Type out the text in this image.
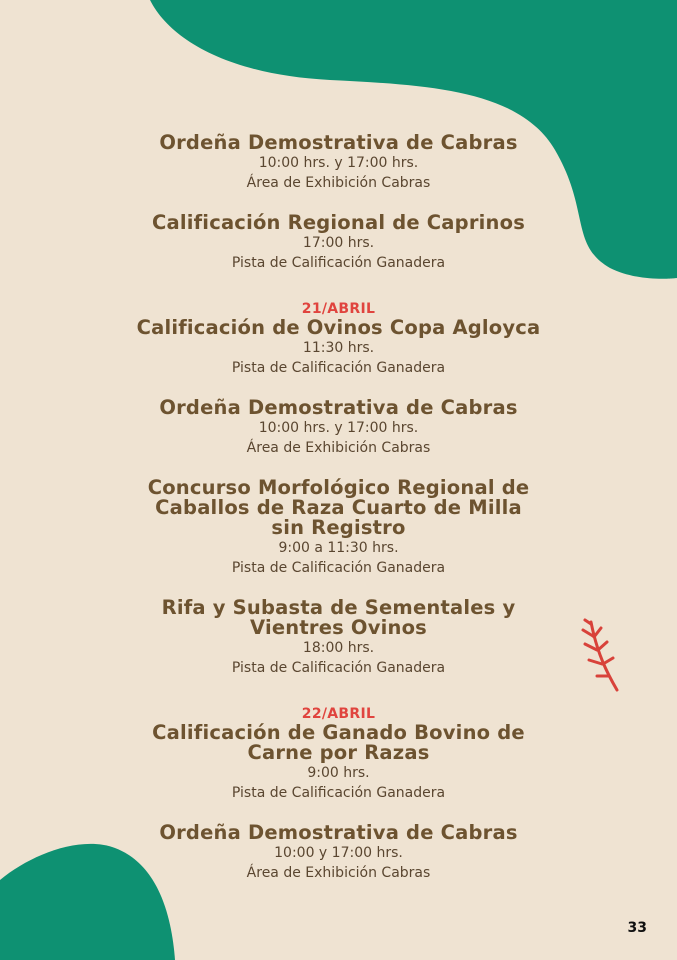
Ordeña Demostrativa de Cabras
10:00 hrs. y 17:00 hrs.
Área de Exhibición Cabras
Calificación Regional de Caprinos
17:00 hrs.
Pista de Calificación Ganadera
21/ABRIL
Calificación de Ovinos Copa Agloyca
11:30 hrs.
Pista de Calificación Ganadera
Ordeña Demostrativa de Cabras
10:00 hrs. y 17:00 hrs.
Área de Exhibición Cabras
Concurso Morfológico Regional de
Caballos de Raza Cuarto de Milla
sin Registro
9:00 a 11:30 hrs.
Pista de Calificación Ganadera
Rifa y Subasta de Sementales y
Vientres Ovinos
18:00 hrs.
Pista de Calificación Ganadera
22/ABRIL
Calificación de Ganado Bovino de
Carne por Razas
9:00 hrs.
Pista de Calificación Ganadera
Ordeña Demostrativa de Cabras
10:00 y 17:00 hrs.
Área de Exhibición Cabras
33
